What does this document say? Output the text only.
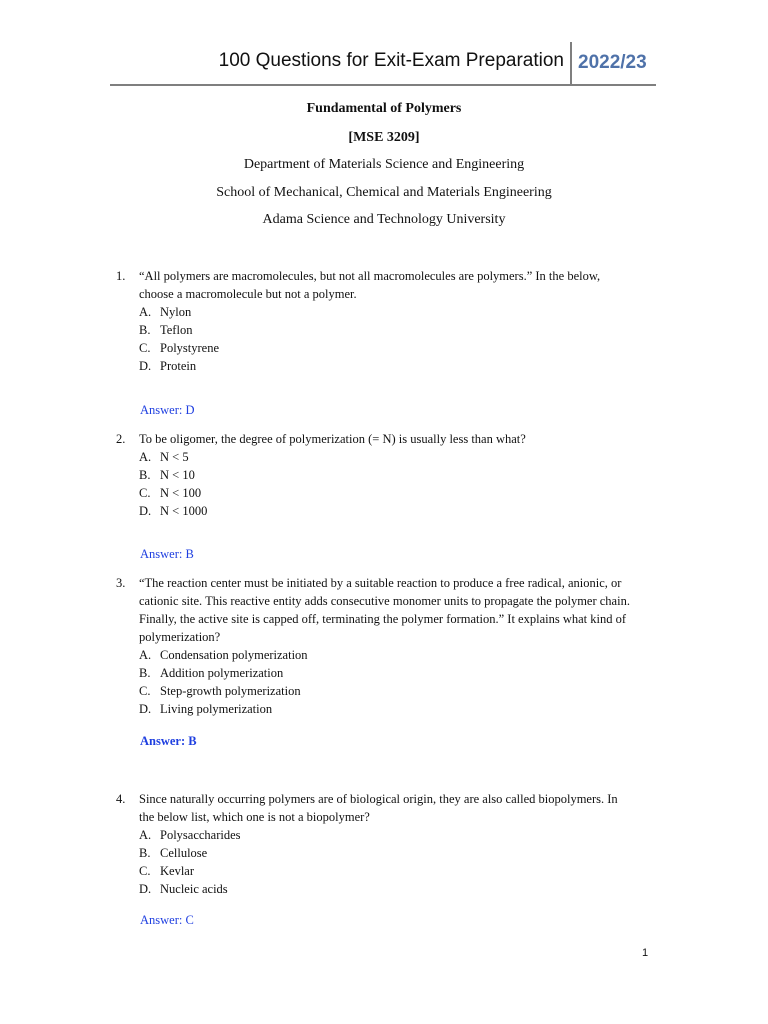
100 Questions for Exit-Exam Preparation 2022/23
Fundamental of Polymers
[MSE 3209]
Department of Materials Science and Engineering
School of Mechanical, Chemical and Materials Engineering
Adama Science and Technology University
1. “All polymers are macromolecules, but not all macromolecules are polymers.” In the below,
choose a macromolecule but not a polymer.
A. Nylon
B. Teflon
C. Polystyrene
D. Protein
Answer: D
2. To be oligomer, the degree of polymerization (= N) is usually less than what?
A. N < 5
B. N < 10
C. N < 100
D. N < 1000
Answer: B
3. “The reaction center must be initiated by a suitable reaction to produce a free radical, anionic, or
cationic site. This reactive entity adds consecutive monomer units to propagate the polymer chain.
Finally, the active site is capped off, terminating the polymer formation.” It explains what kind of
polymerization?
A. Condensation polymerization
B. Addition polymerization
C. Step-growth polymerization
D. Living polymerization
Answer: B
4. Since naturally occurring polymers are of biological origin, they are also called biopolymers. In
the below list, which one is not a biopolymer?
A. Polysaccharides
B. Cellulose
C. Kevlar
D. Nucleic acids
Answer: C
1
